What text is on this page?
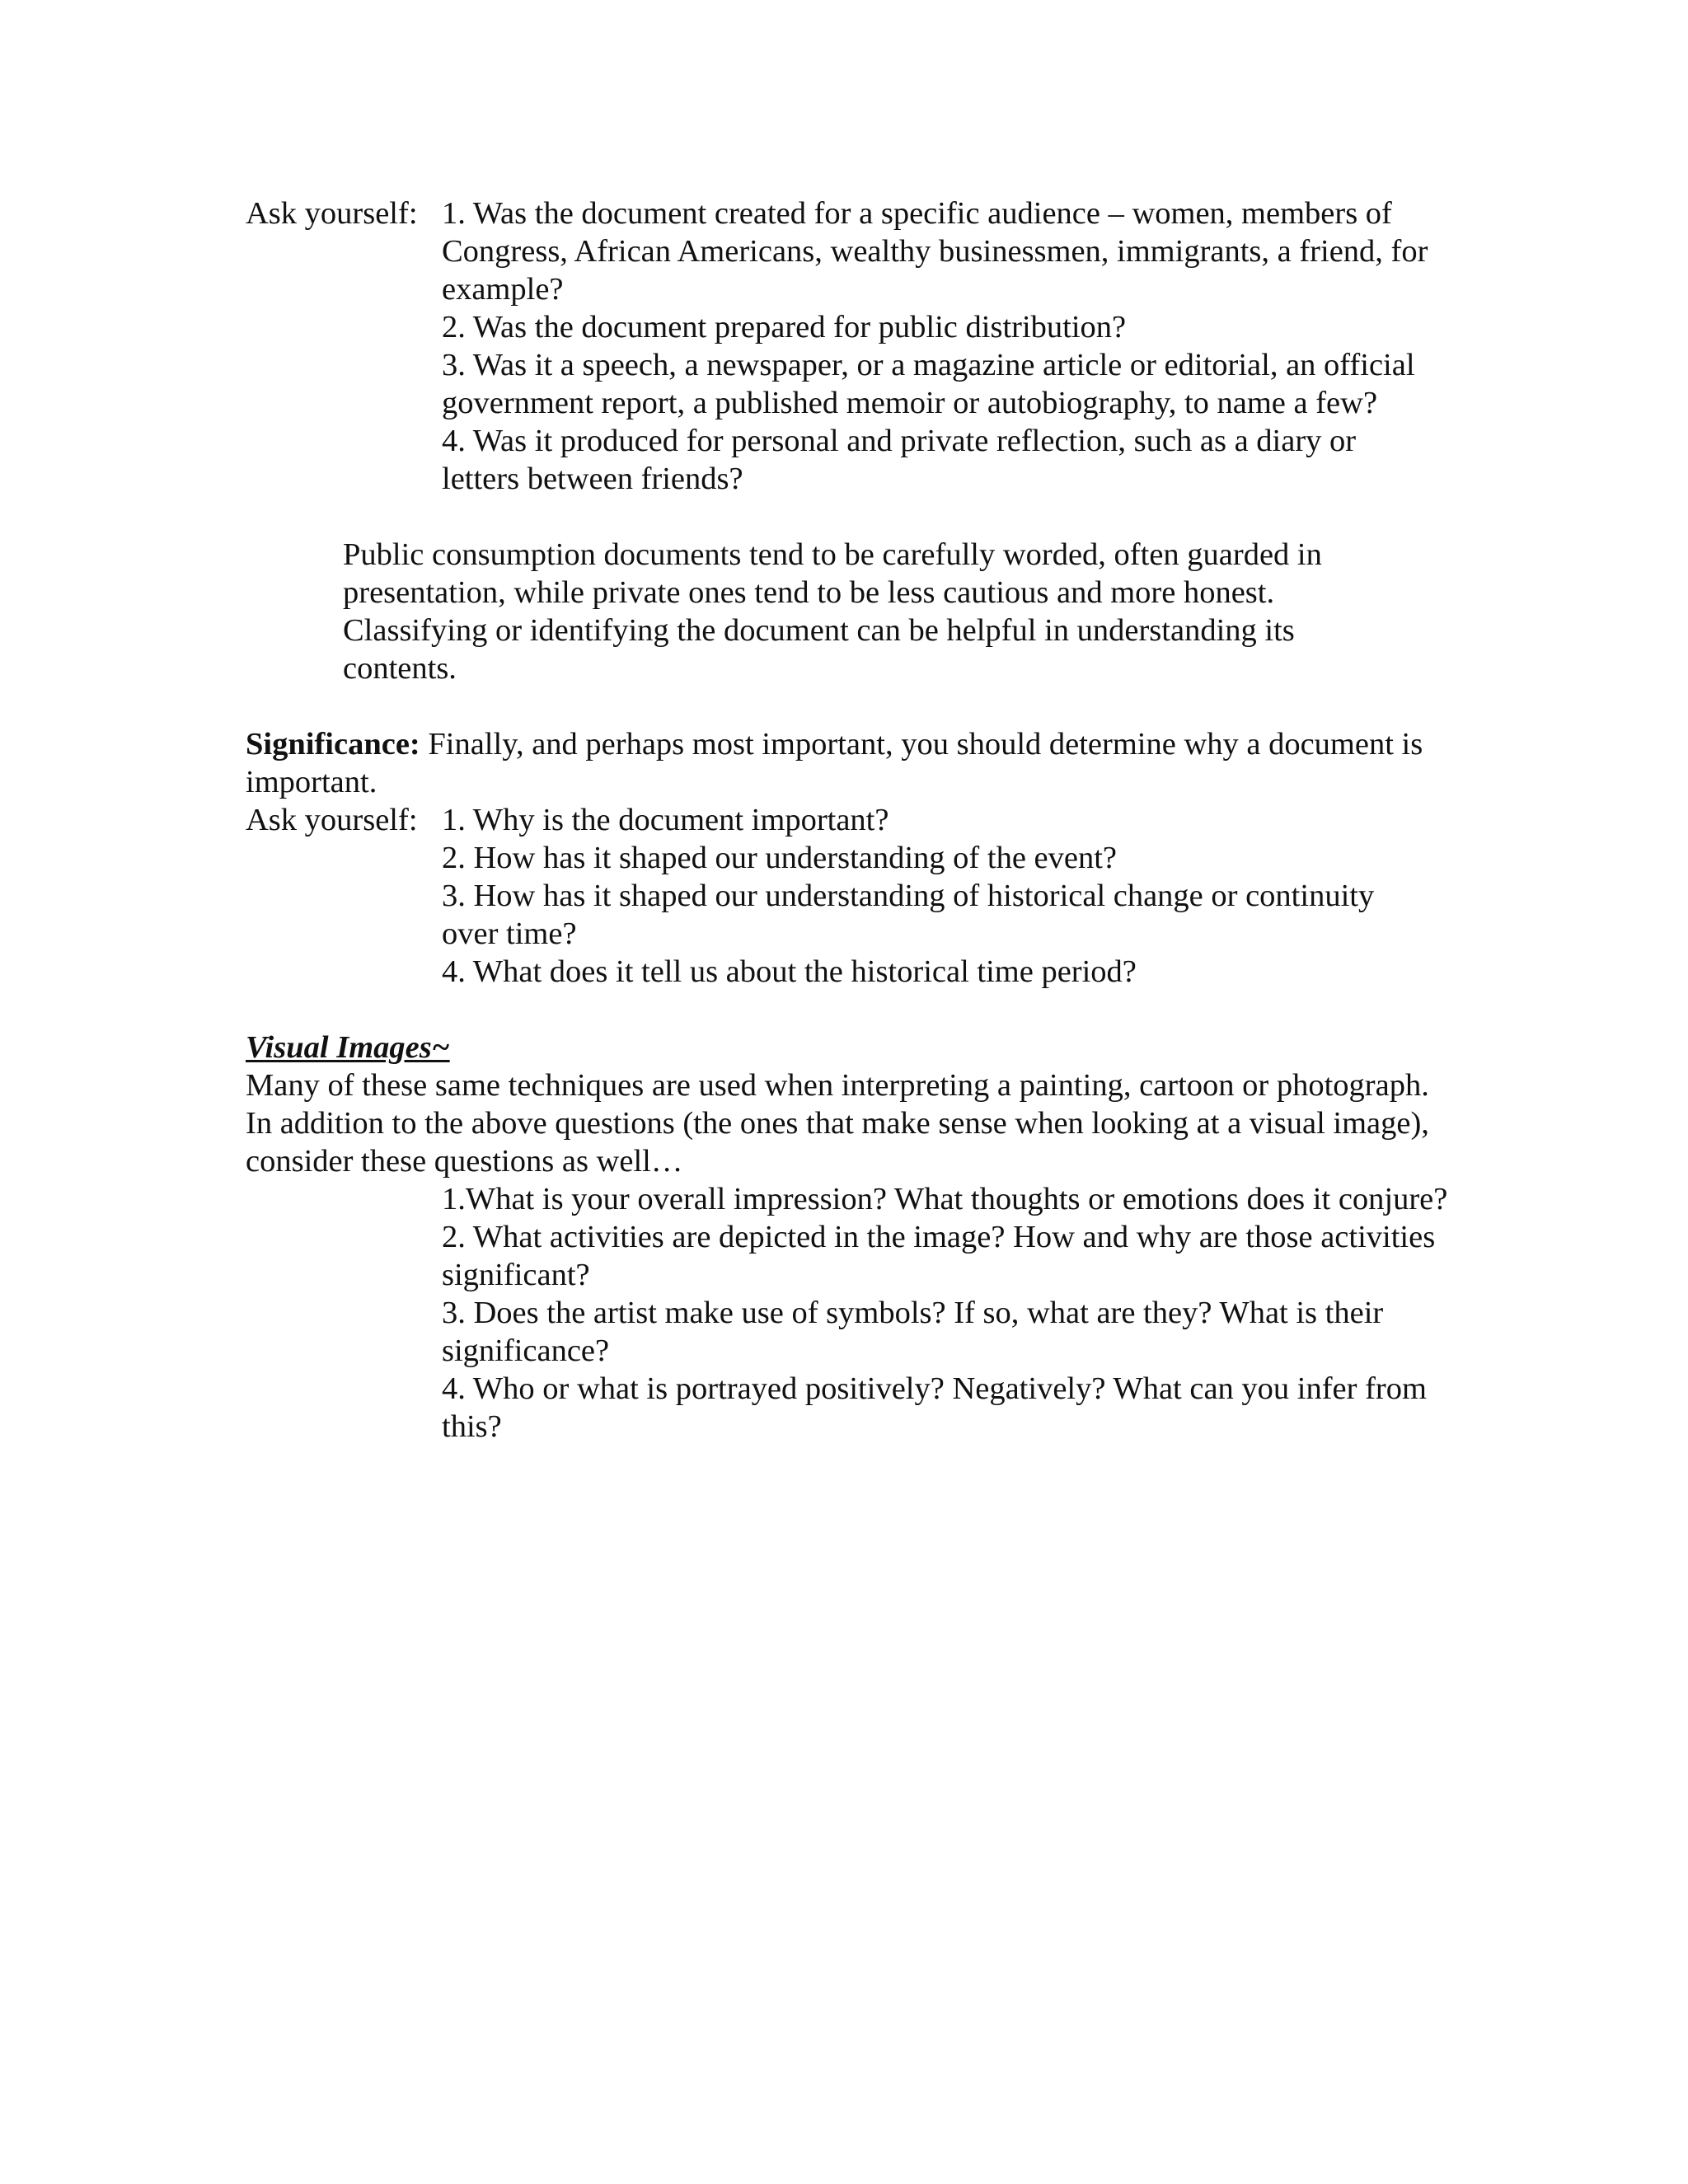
Ask yourself: 1. Was the document created for a specific audience – women, members of Congress, African Americans, wealthy businessmen, immigrants, a friend, for example?

2. Was the document prepared for public distribution?

3. Was it a speech, a newspaper, or a magazine article or editorial, an official government report, a published memoir or autobiography, to name a few?

4. Was it produced for personal and private reflection, such as a diary or letters between friends?

Public consumption documents tend to be carefully worded, often guarded in presentation, while private ones tend to be less cautious and more honest. Classifying or identifying the document can be helpful in understanding its contents.

Significance: Finally, and perhaps most important, you should determine why a document is important.

Ask yourself: 1. Why is the document important?

2. How has it shaped our understanding of the event?

3. How has it shaped our understanding of historical change or continuity over time?

4. What does it tell us about the historical time period?

Visual Images~

Many of these same techniques are used when interpreting a painting, cartoon or photograph. In addition to the above questions (the ones that make sense when looking at a visual image), consider these questions as well…

1.What is your overall impression? What thoughts or emotions does it conjure?

2. What activities are depicted in the image? How and why are those activities significant?

3. Does the artist make use of symbols? If so, what are they? What is their significance?

4. Who or what is portrayed positively? Negatively? What can you infer from this?
